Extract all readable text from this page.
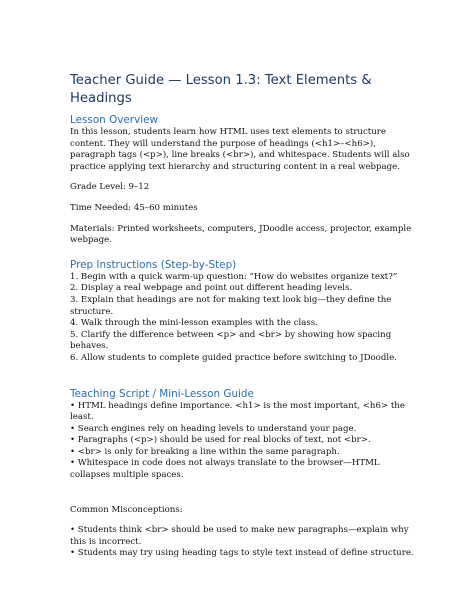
Teacher Guide — Lesson 1.3: Text Elements & Headings
Lesson Overview

In this lesson, students learn how HTML uses text elements to structure content. They will understand the purpose of headings (<h1>–<h6>), paragraph tags (<p>), line breaks (<br>), and whitespace. Students will also practice applying text hierarchy and structuring content in a real webpage.

Grade Level: 9–12

Time Needed: 45–60 minutes

Materials: Printed worksheets, computers, JDoodle access, projector, example webpage.

Prep Instructions (Step-by-Step)

1. Begin with a quick warm-up question: “How do websites organize text?”

2. Display a real webpage and point out different heading levels.

3. Explain that headings are not for making text look big—they define the structure.

4. Walk through the mini-lesson examples with the class.

5. Clarify the difference between <p> and <br> by showing how spacing behaves.

6. Allow students to complete guided practice before switching to JDoodle.

Teaching Script / Mini-Lesson Guide

• HTML headings define importance. <h1> is the most important, <h6> the least.

• Search engines rely on heading levels to understand your page.

• Paragraphs (<p>) should be used for real blocks of text, not <br>.

• <br> is only for breaking a line within the same paragraph.

• Whitespace in code does not always translate to the browser—HTML collapses multiple spaces.

Common Misconceptions:

• Students think <br> should be used to make new paragraphs—explain why this is incorrect.

• Students may try using heading tags to style text instead of define structure.
